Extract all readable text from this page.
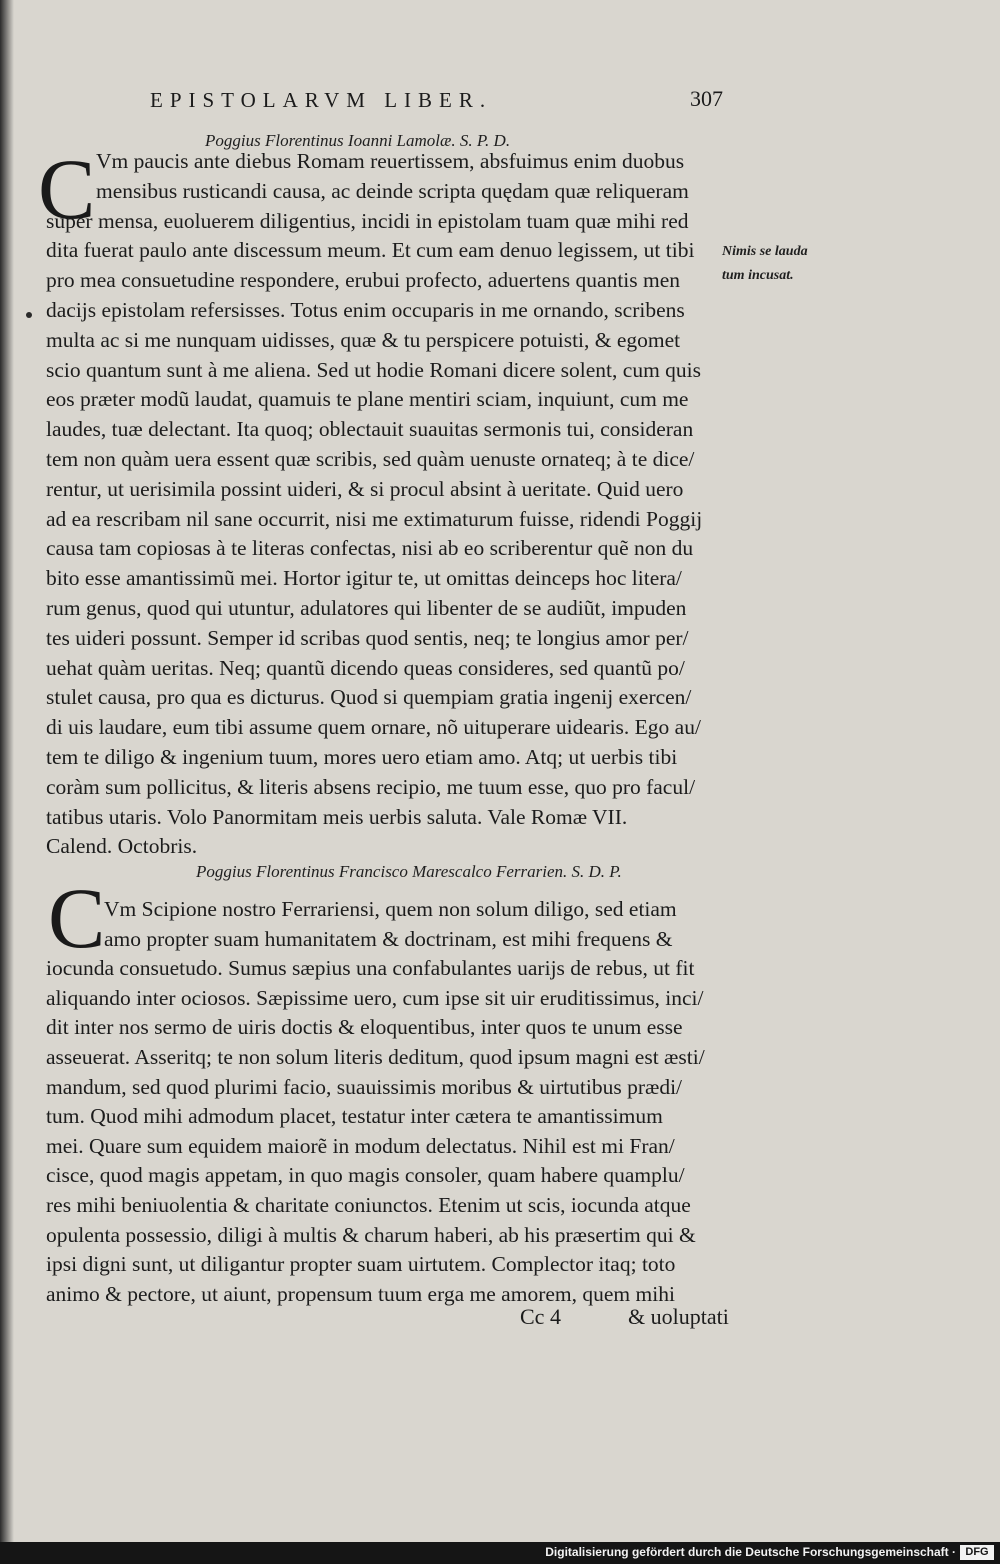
EPISTOLARVM LIBER.	307
Poggius Florentinus Ioanni Lamolæ. S. P. D.
C Vm paucis ante diebus Romam reuertissem, absfuimus enim duobus
mensibus rusticandi causa, ac deinde scripta quędam quæ reliqueram
super mensa, euoluerem diligentius, incidi in epistolam tuam quæ mihi red
dita fuerat paulo ante discessum meum. Et cum eam denuo legissem, ut tibi
pro mea consuetudine respondere, erubui profecto, aduertens quantis men
dacijs epistolam refersisses. Totus enim occuparis in me ornando, scribens
multa ac si me nunquam uidisses, quæ & tu perspicere potuisti, & egomet
scio quantum sunt à me aliena. Sed ut hodie Romani dicere solent, cum quis
eos præter modũ laudat, quamuis te plane mentiri sciam, inquiunt, cum me
laudes, tuæ delectant. Ita quoq; oblectauit suauitas sermonis tui, consideran
tem non quàm uera essent quæ scribis, sed quàm uenuste ornateq; à te dice/
rentur, ut uerisimila possint uideri, & si procul absint à ueritate. Quid uero
ad ea rescribam nil sane occurrit, nisi me extimaturum fuisse, ridendi Poggij
causa tam copiosas à te literas confectas, nisi ab eo scriberentur quẽ non du
bito esse amantissimũ mei. Hortor igitur te, ut omittas deinceps hoc litera/
rum genus, quod qui utuntur, adulatores qui libenter de se audiũt, impuden
tes uideri possunt. Semper id scribas quod sentis, neq; te longius amor per/
uehat quàm ueritas. Neq; quantũ dicendo queas consideres, sed quantũ po/
stulet causa, pro qua es dicturus. Quod si quempiam gratia ingenij exercen/
di uis laudare, eum tibi assume quem ornare, nõ uituperare uidearis. Ego au/
tem te diligo & ingenium tuum, mores uero etiam amo. Atq; ut uerbis tibi
coràm sum pollicitus, & literis absens recipio, me tuum esse, quo pro facul/
tatibus utaris. Volo Panormitam meis uerbis saluta. Vale Romæ VII.
Calend. Octobris.
Nimis se lauda
tum incusat.
Poggius Florentinus Francisco Marescalco Ferrarien. S. D. P.
C
Vm Scipione nostro Ferrariensi, quem non solum diligo, sed etiam
amo propter suam humanitatem & doctrinam, est mihi frequens &
iocunda consuetudo. Sumus sæpius una confabulantes uarijs de rebus, ut fit
aliquando inter ociosos. Sæpissime uero, cum ipse sit uir eruditissimus, inci/
dit inter nos sermo de uiris doctis & eloquentibus, inter quos te unum esse
asseuerat. Asseritq; te non solum literis deditum, quod ipsum magni est æsti/
mandum, sed quod plurimi facio, suauissimis moribus & uirtutibus prædi/
tum. Quod mihi admodum placet, testatur inter cætera te amantissimum
mei. Quare sum equidem maiorẽ in modum delectatus. Nihil est mi Fran/
cisce, quod magis appetam, in quo magis consoler, quam habere quamplu/
res mihi beniuolentia & charitate coniunctos. Etenim ut scis, iocunda atque
opulenta possessio, diligi à multis & charum haberi, ab his præsertim qui &
ipsi digni sunt, ut diligantur propter suam uirtutem. Complector itaq; toto
animo & pectore, ut aiunt, propensum tuum erga me amorem, quem mihi
Cc 4	& uoluptati
Digitalisierung gefördert durch die Deutsche Forschungsgemeinschaft · DFG
